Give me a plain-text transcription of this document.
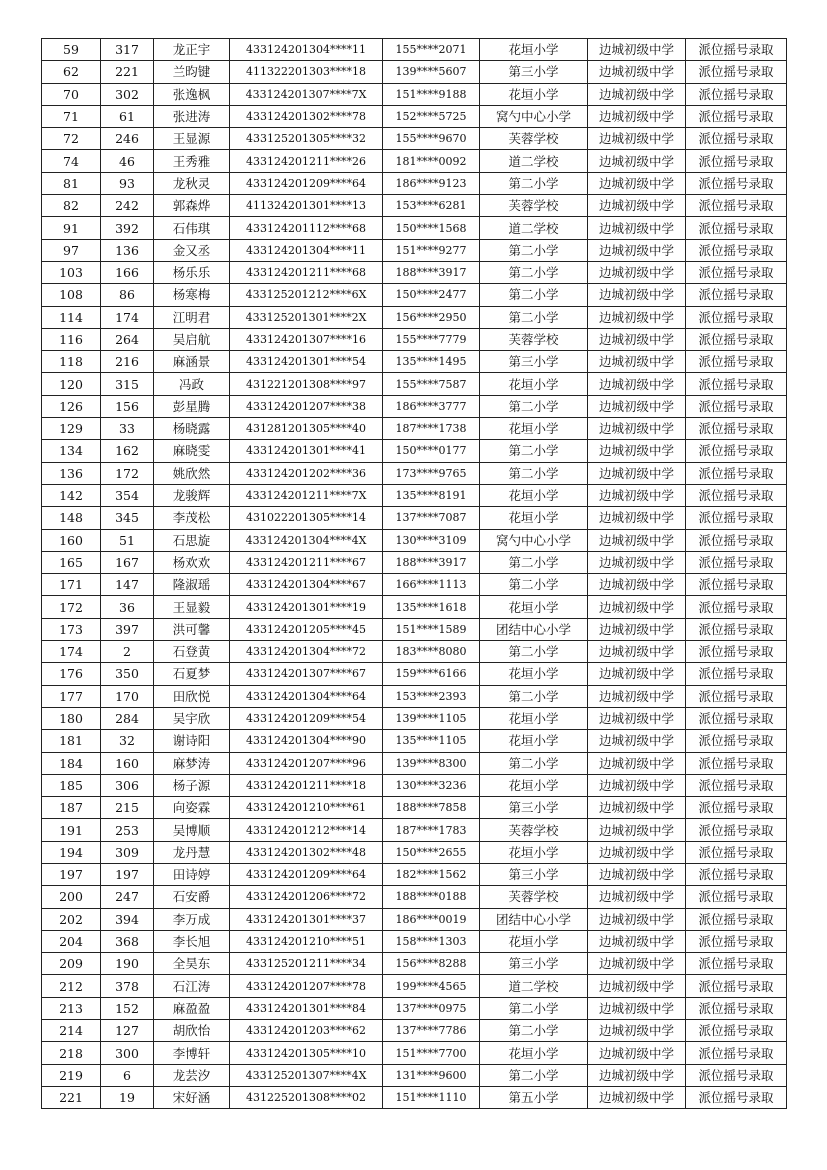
59	317	龙正宇	433124201304****11	155****2071	花垣小学	边城初级中学	派位摇号录取
62	221	兰昀键	411322201303****18	139****5607	第三小学	边城初级中学	派位摇号录取
70	302	张逸枫	433124201307****7X	151****9188	花垣小学	边城初级中学	派位摇号录取
71	61	张进涛	433124201302****78	152****5725	窝勺中心小学	边城初级中学	派位摇号录取
72	246	王显源	433125201305****32	155****9670	芙蓉学校	边城初级中学	派位摇号录取
74	46	王秀雅	433124201211****26	181****0092	道二学校	边城初级中学	派位摇号录取
81	93	龙秋灵	433124201209****64	186****9123	第二小学	边城初级中学	派位摇号录取
82	242	郭森烨	411324201301****13	153****6281	芙蓉学校	边城初级中学	派位摇号录取
91	392	石伟琪	433124201112****68	150****1568	道二学校	边城初级中学	派位摇号录取
97	136	金又丞	433124201304****11	151****9277	第二小学	边城初级中学	派位摇号录取
103	166	杨乐乐	433124201211****68	188****3917	第二小学	边城初级中学	派位摇号录取
108	86	杨寒梅	433125201212****6X	150****2477	第二小学	边城初级中学	派位摇号录取
114	174	江明君	433125201301****2X	156****2950	第二小学	边城初级中学	派位摇号录取
116	264	吴启航	433124201307****16	155****7779	芙蓉学校	边城初级中学	派位摇号录取
118	216	麻涵景	433124201301****54	135****1495	第三小学	边城初级中学	派位摇号录取
120	315	冯政	431221201308****97	155****7587	花垣小学	边城初级中学	派位摇号录取
126	156	彭星腾	433124201207****38	186****3777	第二小学	边城初级中学	派位摇号录取
129	33	杨晓露	431281201305****40	187****1738	花垣小学	边城初级中学	派位摇号录取
134	162	麻晓雯	433124201301****41	150****0177	第二小学	边城初级中学	派位摇号录取
136	172	姚欣然	433124201202****36	173****9765	第二小学	边城初级中学	派位摇号录取
142	354	龙骏辉	433124201211****7X	135****8191	花垣小学	边城初级中学	派位摇号录取
148	345	李茂松	431022201305****14	137****7087	花垣小学	边城初级中学	派位摇号录取
160	51	石思旋	433124201304****4X	130****3109	窝勺中心小学	边城初级中学	派位摇号录取
165	167	杨欢欢	433124201211****67	188****3917	第二小学	边城初级中学	派位摇号录取
171	147	隆淑瑶	433124201304****67	166****1113	第二小学	边城初级中学	派位摇号录取
172	36	王显毅	433124201301****19	135****1618	花垣小学	边城初级中学	派位摇号录取
173	397	洪可馨	433124201205****45	151****1589	团结中心小学	边城初级中学	派位摇号录取
174	2	石登黄	433124201304****72	183****8080	第二小学	边城初级中学	派位摇号录取
176	350	石夏梦	433124201307****67	159****6166	花垣小学	边城初级中学	派位摇号录取
177	170	田欣悦	433124201304****64	153****2393	第二小学	边城初级中学	派位摇号录取
180	284	吴宇欣	433124201209****54	139****1105	花垣小学	边城初级中学	派位摇号录取
181	32	谢诗阳	433124201304****90	135****1105	花垣小学	边城初级中学	派位摇号录取
184	160	麻梦涛	433124201207****96	139****8300	第二小学	边城初级中学	派位摇号录取
185	306	杨子源	433124201211****18	130****3236	花垣小学	边城初级中学	派位摇号录取
187	215	向姿霖	433124201210****61	188****7858	第三小学	边城初级中学	派位摇号录取
191	253	吴博顺	433124201212****14	187****1783	芙蓉学校	边城初级中学	派位摇号录取
194	309	龙丹慧	433124201302****48	150****2655	花垣小学	边城初级中学	派位摇号录取
197	197	田诗婷	433124201209****64	182****1562	第三小学	边城初级中学	派位摇号录取
200	247	石安爵	433124201206****72	188****0188	芙蓉学校	边城初级中学	派位摇号录取
202	394	李万成	433124201301****37	186****0019	团结中心小学	边城初级中学	派位摇号录取
204	368	李长旭	433124201210****51	158****1303	花垣小学	边城初级中学	派位摇号录取
209	190	全昊东	433125201211****34	156****8288	第三小学	边城初级中学	派位摇号录取
212	378	石江涛	433124201207****78	199****4565	道二学校	边城初级中学	派位摇号录取
213	152	麻盈盈	433124201301****84	137****0975	第二小学	边城初级中学	派位摇号录取
214	127	胡欣怡	433124201203****62	137****7786	第二小学	边城初级中学	派位摇号录取
218	300	李博轩	433124201305****10	151****7700	花垣小学	边城初级中学	派位摇号录取
219	6	龙芸汐	433125201307****4X	131****9600	第二小学	边城初级中学	派位摇号录取
221	19	宋好涵	431225201308****02	151****1110	第五小学	边城初级中学	派位摇号录取
